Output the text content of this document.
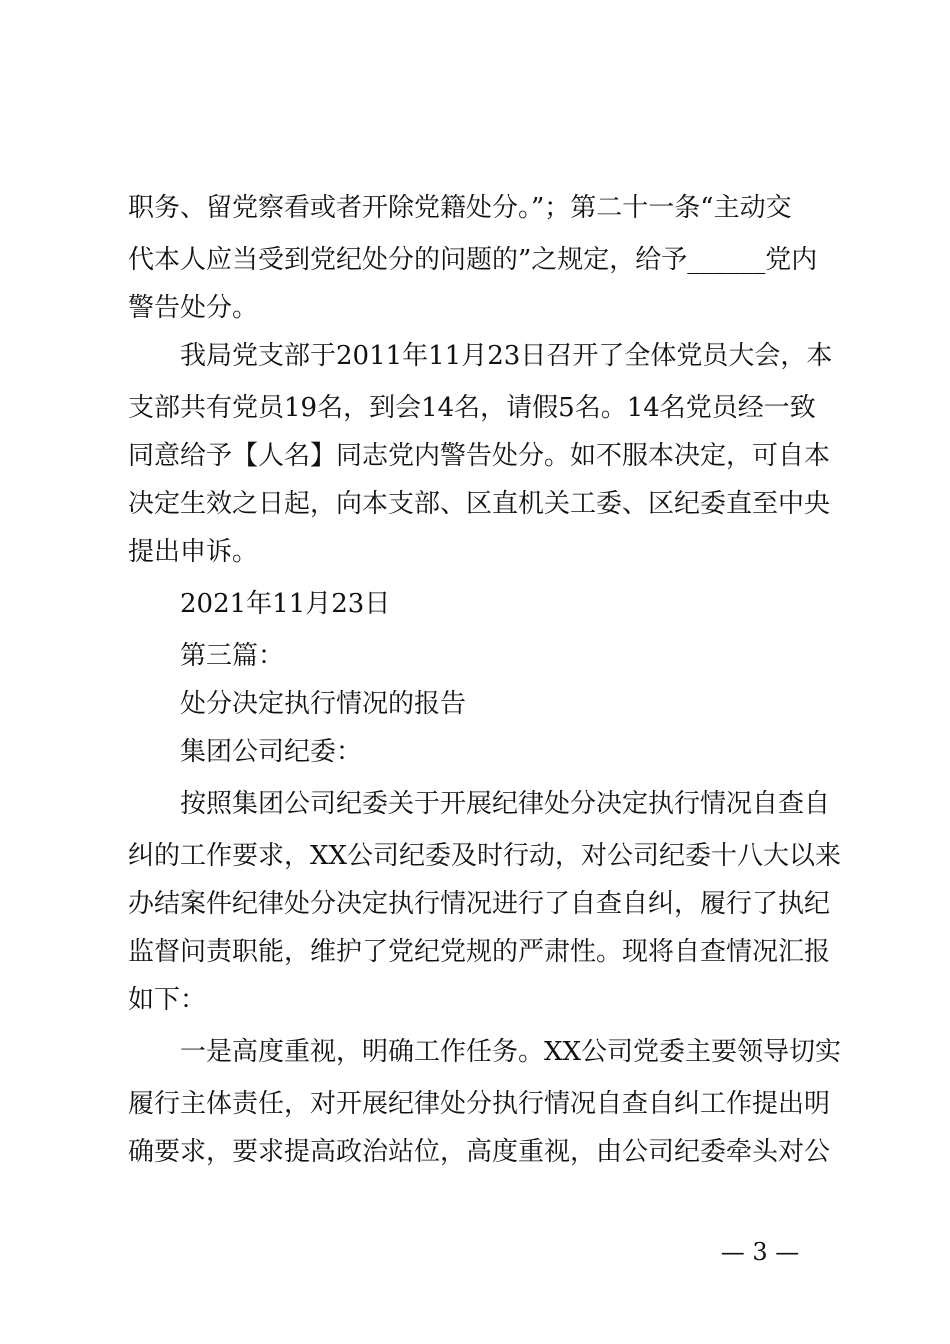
职务、留党察看或者开除党籍处分。”；第二十一条“主动交
代本人应当受到党纪处分的问题的”之规定，给予______党内
警告处分。
我局党支部于2011年11月23日召开了全体党员大会，本
支部共有党员19名，到会14名，请假5名。14名党员经一致
同意给予【人名】同志党内警告处分。如不服本决定，可自本
决定生效之日起，向本支部、区直机关工委、区纪委直至中央
提出申诉。
2021年11月23日
第三篇：
处分决定执行情况的报告
集团公司纪委：
按照集团公司纪委关于开展纪律处分决定执行情况自查自
纠的工作要求，XX公司纪委及时行动，对公司纪委十八大以来
办结案件纪律处分决定执行情况进行了自查自纠，履行了执纪
监督问责职能，维护了党纪党规的严肃性。现将自查情况汇报
如下：
一是高度重视，明确工作任务。XX公司党委主要领导切实
履行主体责任，对开展纪律处分执行情况自查自纠工作提出明
确要求，要求提高政治站位，高度重视，由公司纪委牵头对公
— 3 —
